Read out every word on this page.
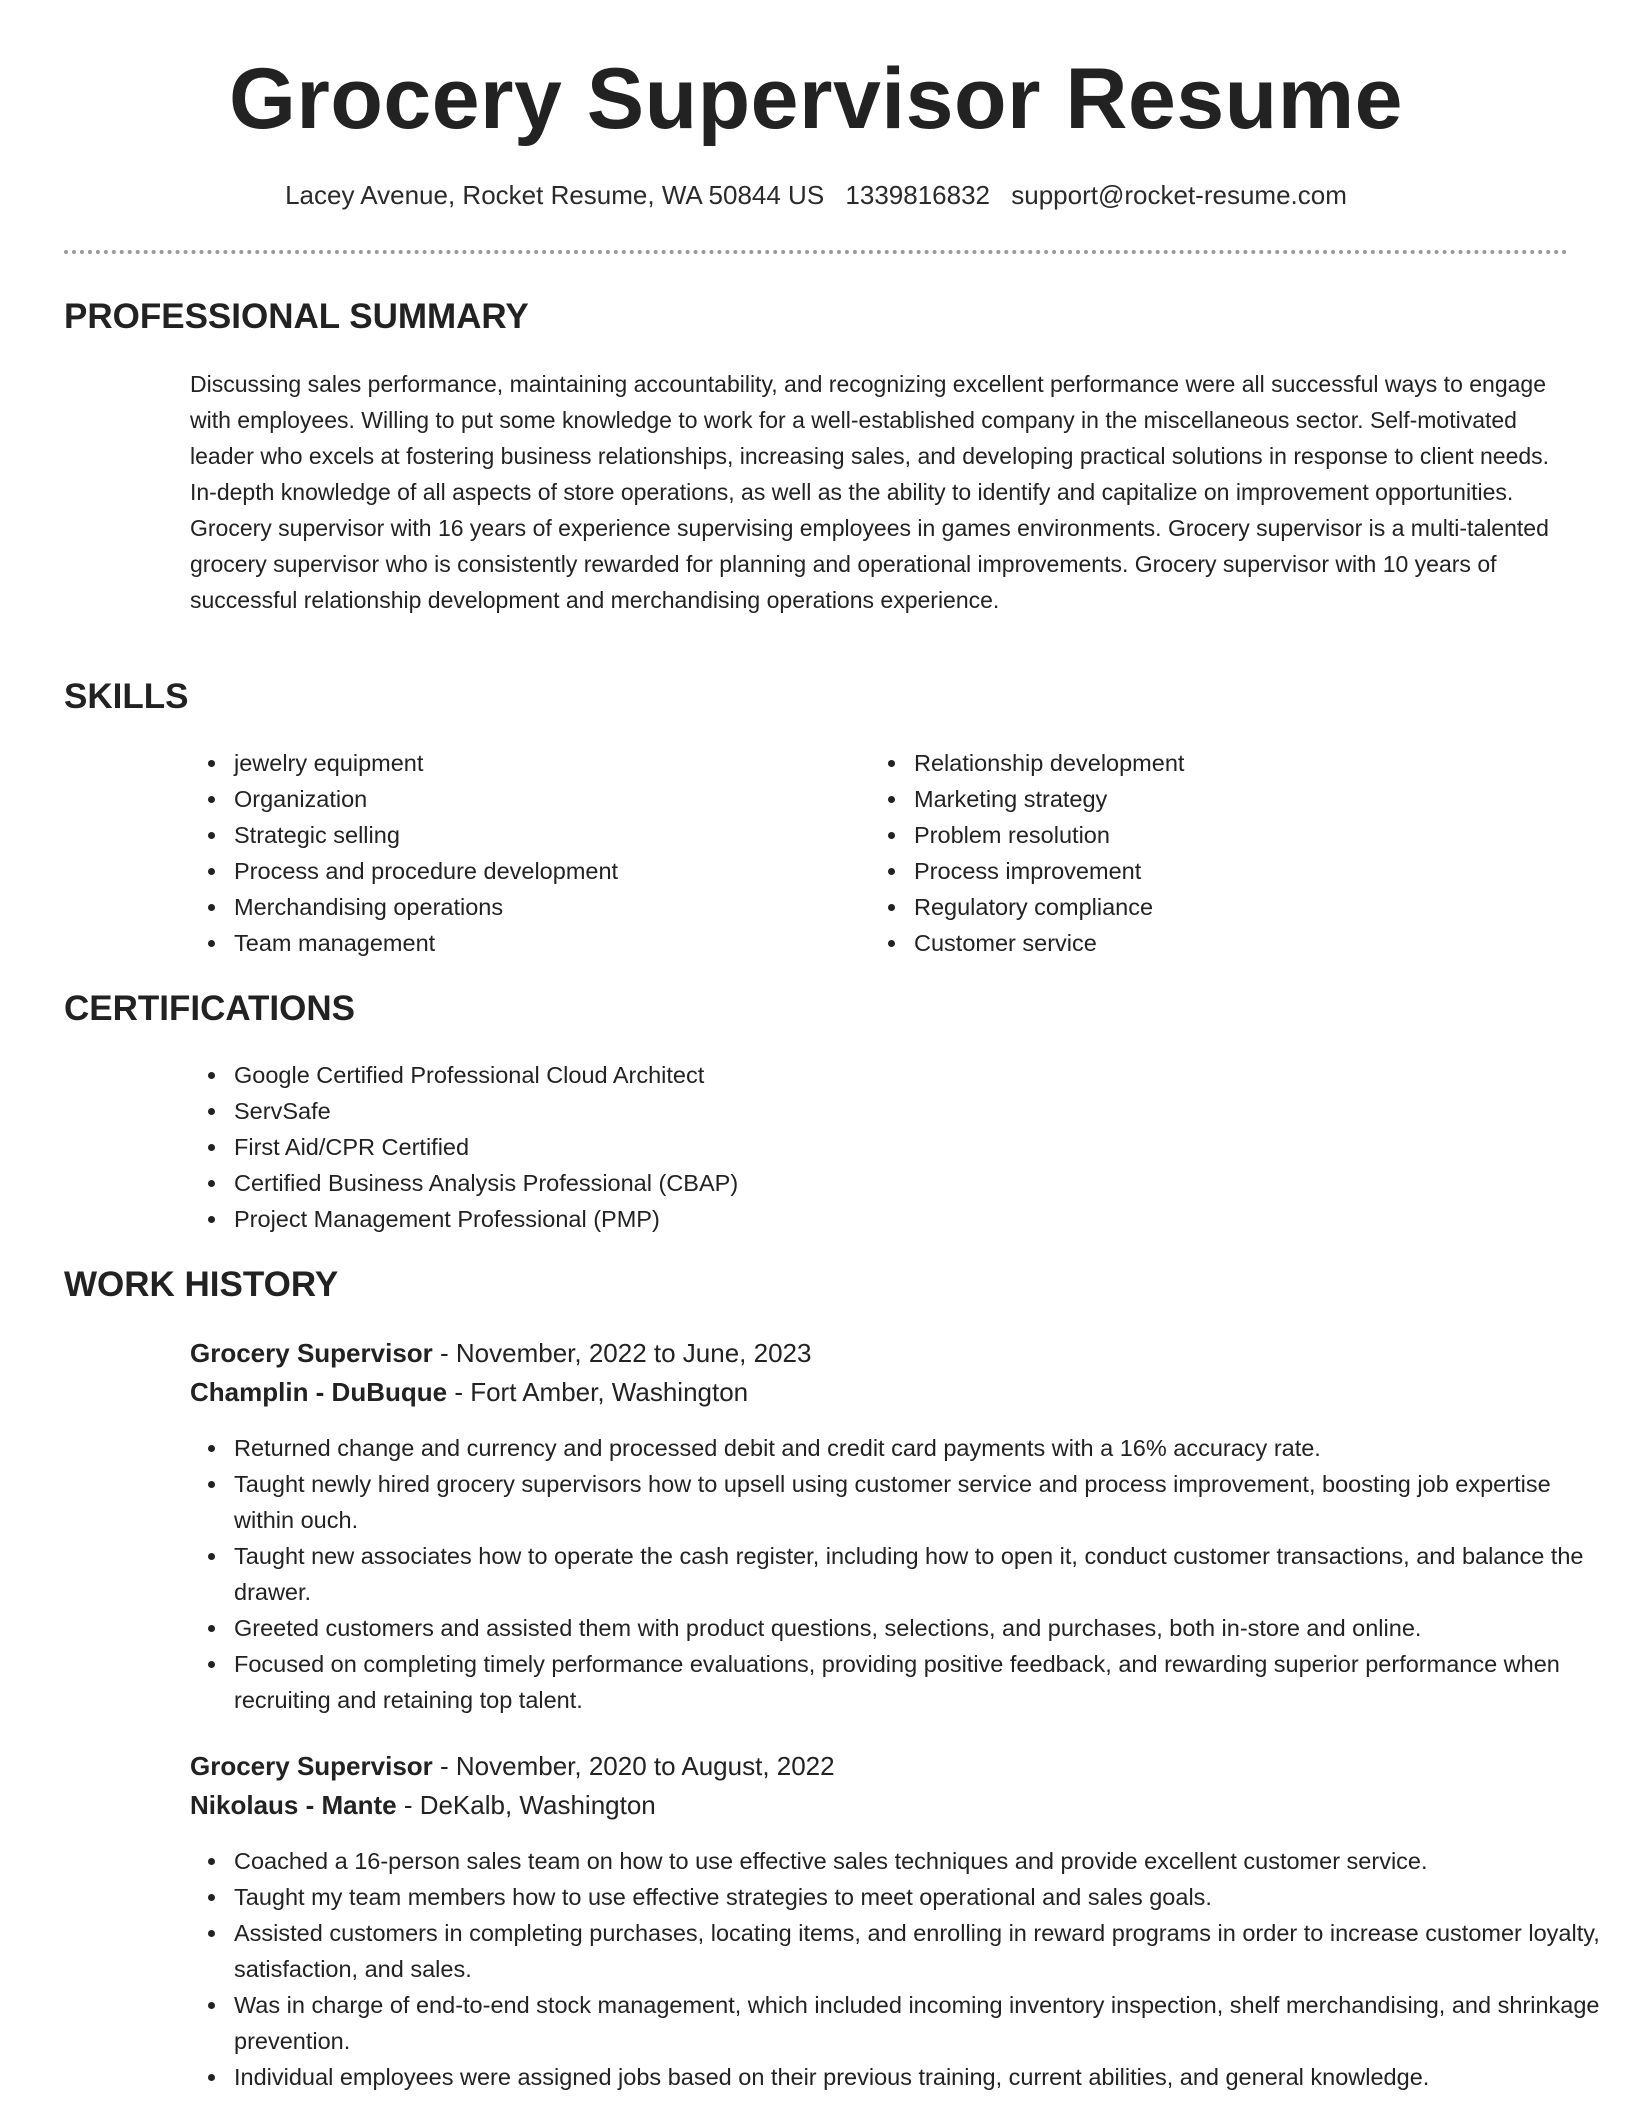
Grocery Supervisor Resume
Lacey Avenue, Rocket Resume, WA 50844 US 1339816832 support@rocket-resume.com
PROFESSIONAL SUMMARY

Discussing sales performance, maintaining accountability, and recognizing excellent performance were all successful ways to engage with employees. Willing to put some knowledge to work for a well-established company in the miscellaneous sector. Self-motivated leader who excels at fostering business relationships, increasing sales, and developing practical solutions in response to client needs. In-depth knowledge of all aspects of store operations, as well as the ability to identify and capitalize on improvement opportunities. Grocery supervisor with 16 years of experience supervising employees in games environments. Grocery supervisor is a multi-talented grocery supervisor who is consistently rewarded for planning and operational improvements. Grocery supervisor with 10 years of successful relationship development and merchandising operations experience.

SKILLS
jewelry equipment
Organization
Strategic selling
Process and procedure development
Merchandising operations
Team management
Relationship development
Marketing strategy
Problem resolution
Process improvement
Regulatory compliance
Customer service
CERTIFICATIONS
Google Certified Professional Cloud Architect
ServSafe
First Aid/CPR Certified
Certified Business Analysis Professional (CBAP)
Project Management Professional (PMP)
WORK HISTORY
Grocery Supervisor - November, 2022 to June, 2023
Champlin - DuBuque - Fort Amber, Washington
Returned change and currency and processed debit and credit card payments with a 16% accuracy rate.
Taught newly hired grocery supervisors how to upsell using customer service and process improvement, boosting job expertise within ouch.
Taught new associates how to operate the cash register, including how to open it, conduct customer transactions, and balance the drawer.
Greeted customers and assisted them with product questions, selections, and purchases, both in-store and online.
Focused on completing timely performance evaluations, providing positive feedback, and rewarding superior performance when recruiting and retaining top talent.
Grocery Supervisor - November, 2020 to August, 2022
Nikolaus - Mante - DeKalb, Washington
Coached a 16-person sales team on how to use effective sales techniques and provide excellent customer service.
Taught my team members how to use effective strategies to meet operational and sales goals.
Assisted customers in completing purchases, locating items, and enrolling in reward programs in order to increase customer loyalty, satisfaction, and sales.
Was in charge of end-to-end stock management, which included incoming inventory inspection, shelf merchandising, and shrinkage prevention.
Individual employees were assigned jobs based on their previous training, current abilities, and general knowledge.
